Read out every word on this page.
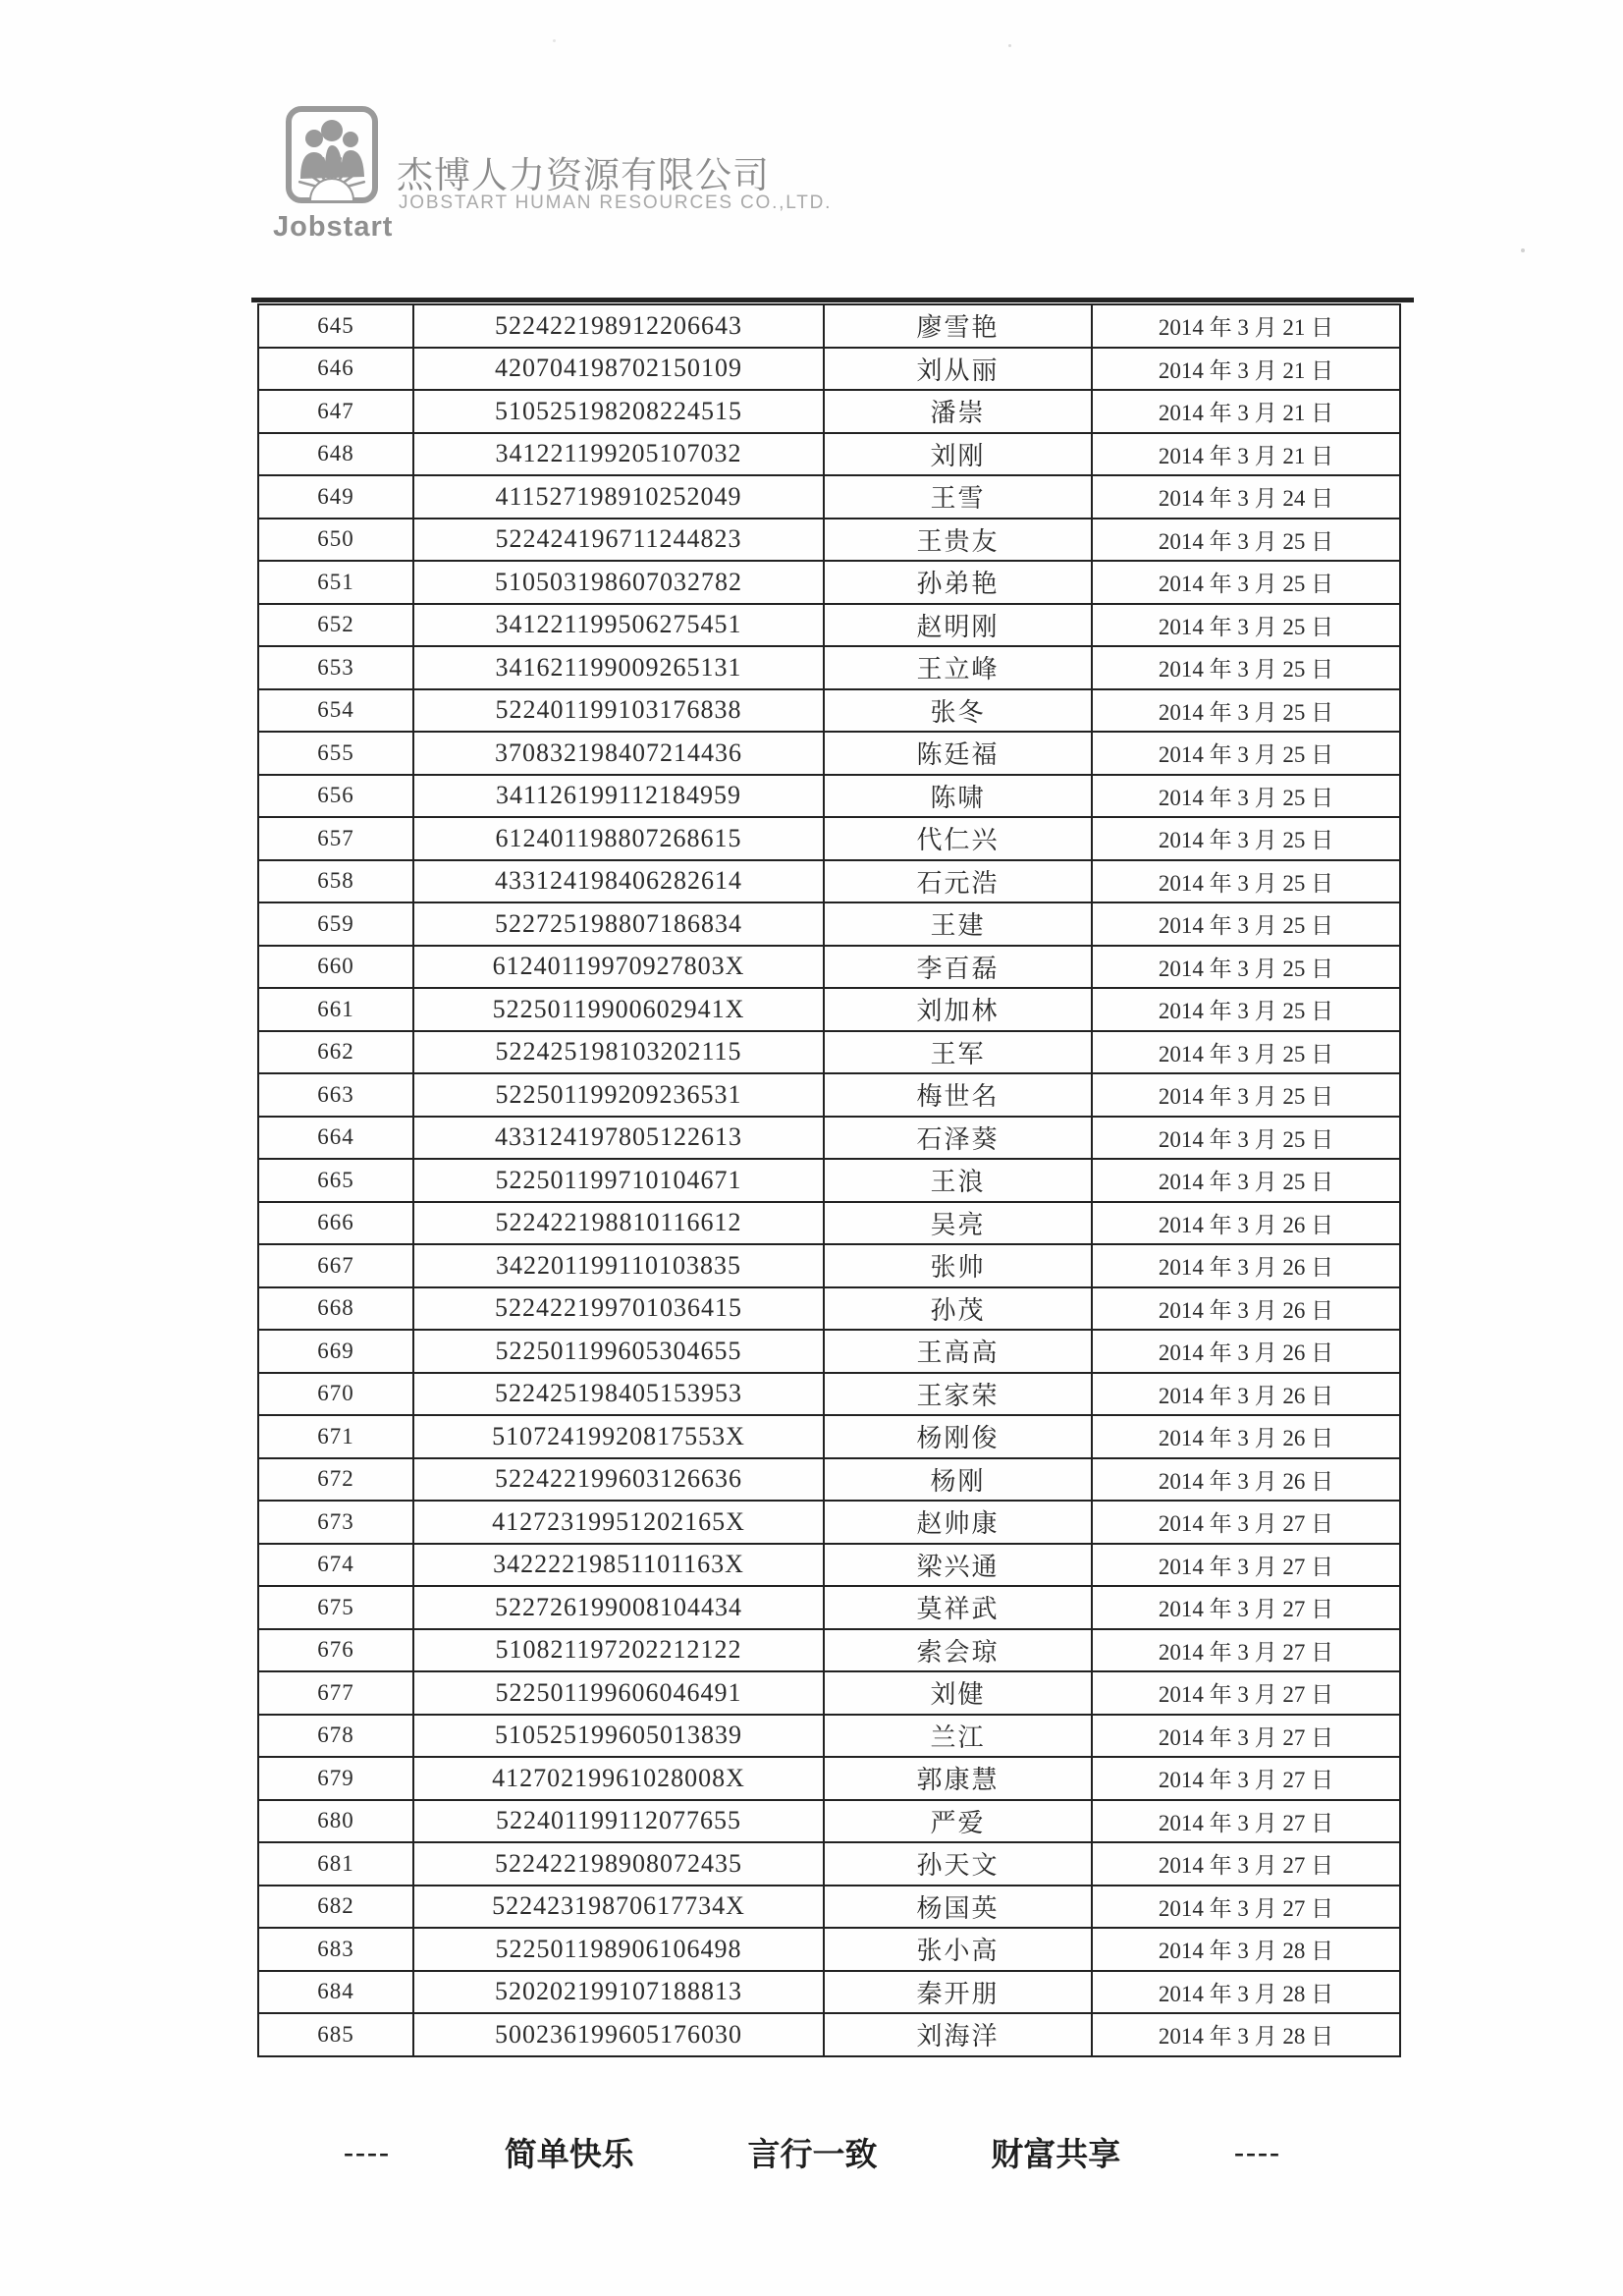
Jobstart
杰博人力资源有限公司
JOBSTART HUMAN RESOURCES CO.,LTD.
645	522422198912206643	廖雪艳	2014 年 3 月 21 日
646	420704198702150109	刘从丽	2014 年 3 月 21 日
647	510525198208224515	潘崇	2014 年 3 月 21 日
648	341221199205107032	刘刚	2014 年 3 月 21 日
649	411527198910252049	王雪	2014 年 3 月 24 日
650	522424196711244823	王贵友	2014 年 3 月 25 日
651	510503198607032782	孙弟艳	2014 年 3 月 25 日
652	341221199506275451	赵明刚	2014 年 3 月 25 日
653	341621199009265131	王立峰	2014 年 3 月 25 日
654	522401199103176838	张冬	2014 年 3 月 25 日
655	370832198407214436	陈廷福	2014 年 3 月 25 日
656	341126199112184959	陈啸	2014 年 3 月 25 日
657	612401198807268615	代仁兴	2014 年 3 月 25 日
658	433124198406282614	石元浩	2014 年 3 月 25 日
659	522725198807186834	王建	2014 年 3 月 25 日
660	61240119970927803X	李百磊	2014 年 3 月 25 日
661	52250119900602941X	刘加林	2014 年 3 月 25 日
662	522425198103202115	王军	2014 年 3 月 25 日
663	522501199209236531	梅世名	2014 年 3 月 25 日
664	433124197805122613	石泽葵	2014 年 3 月 25 日
665	522501199710104671	王浪	2014 年 3 月 25 日
666	522422198810116612	吴亮	2014 年 3 月 26 日
667	342201199110103835	张帅	2014 年 3 月 26 日
668	522422199701036415	孙茂	2014 年 3 月 26 日
669	522501199605304655	王高高	2014 年 3 月 26 日
670	522425198405153953	王家荣	2014 年 3 月 26 日
671	51072419920817553X	杨刚俊	2014 年 3 月 26 日
672	522422199603126636	杨刚	2014 年 3 月 26 日
673	41272319951202165X	赵帅康	2014 年 3 月 27 日
674	34222219851101163X	梁兴通	2014 年 3 月 27 日
675	522726199008104434	莫祥武	2014 年 3 月 27 日
676	510821197202212122	索会琼	2014 年 3 月 27 日
677	522501199606046491	刘健	2014 年 3 月 27 日
678	510525199605013839	兰江	2014 年 3 月 27 日
679	41270219961028008X	郭康慧	2014 年 3 月 27 日
680	522401199112077655	严爱	2014 年 3 月 27 日
681	522422198908072435	孙天文	2014 年 3 月 27 日
682	52242319870617734X	杨国英	2014 年 3 月 27 日
683	522501198906106498	张小高	2014 年 3 月 28 日
684	520202199107188813	秦开朋	2014 年 3 月 28 日
685	500236199605176030	刘海洋	2014 年 3 月 28 日
----	简单快乐	言行一致	财富共享	----
